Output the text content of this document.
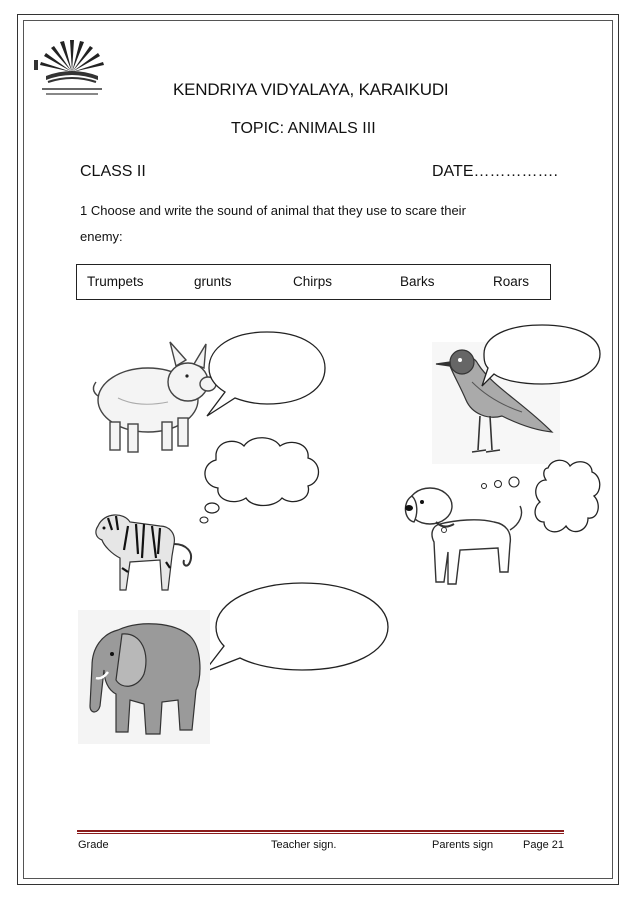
KENDRIYA VIDYALAYA, KARAIKUDI
TOPIC: ANIMALS III
CLASS II	DATE…………….
1 Choose and write the sound of animal that they use to scare their
enemy:
Trumpets	grunts	Chirps	Barks	Roars
Grade	Teacher sign.	Parents sign	Page 21
